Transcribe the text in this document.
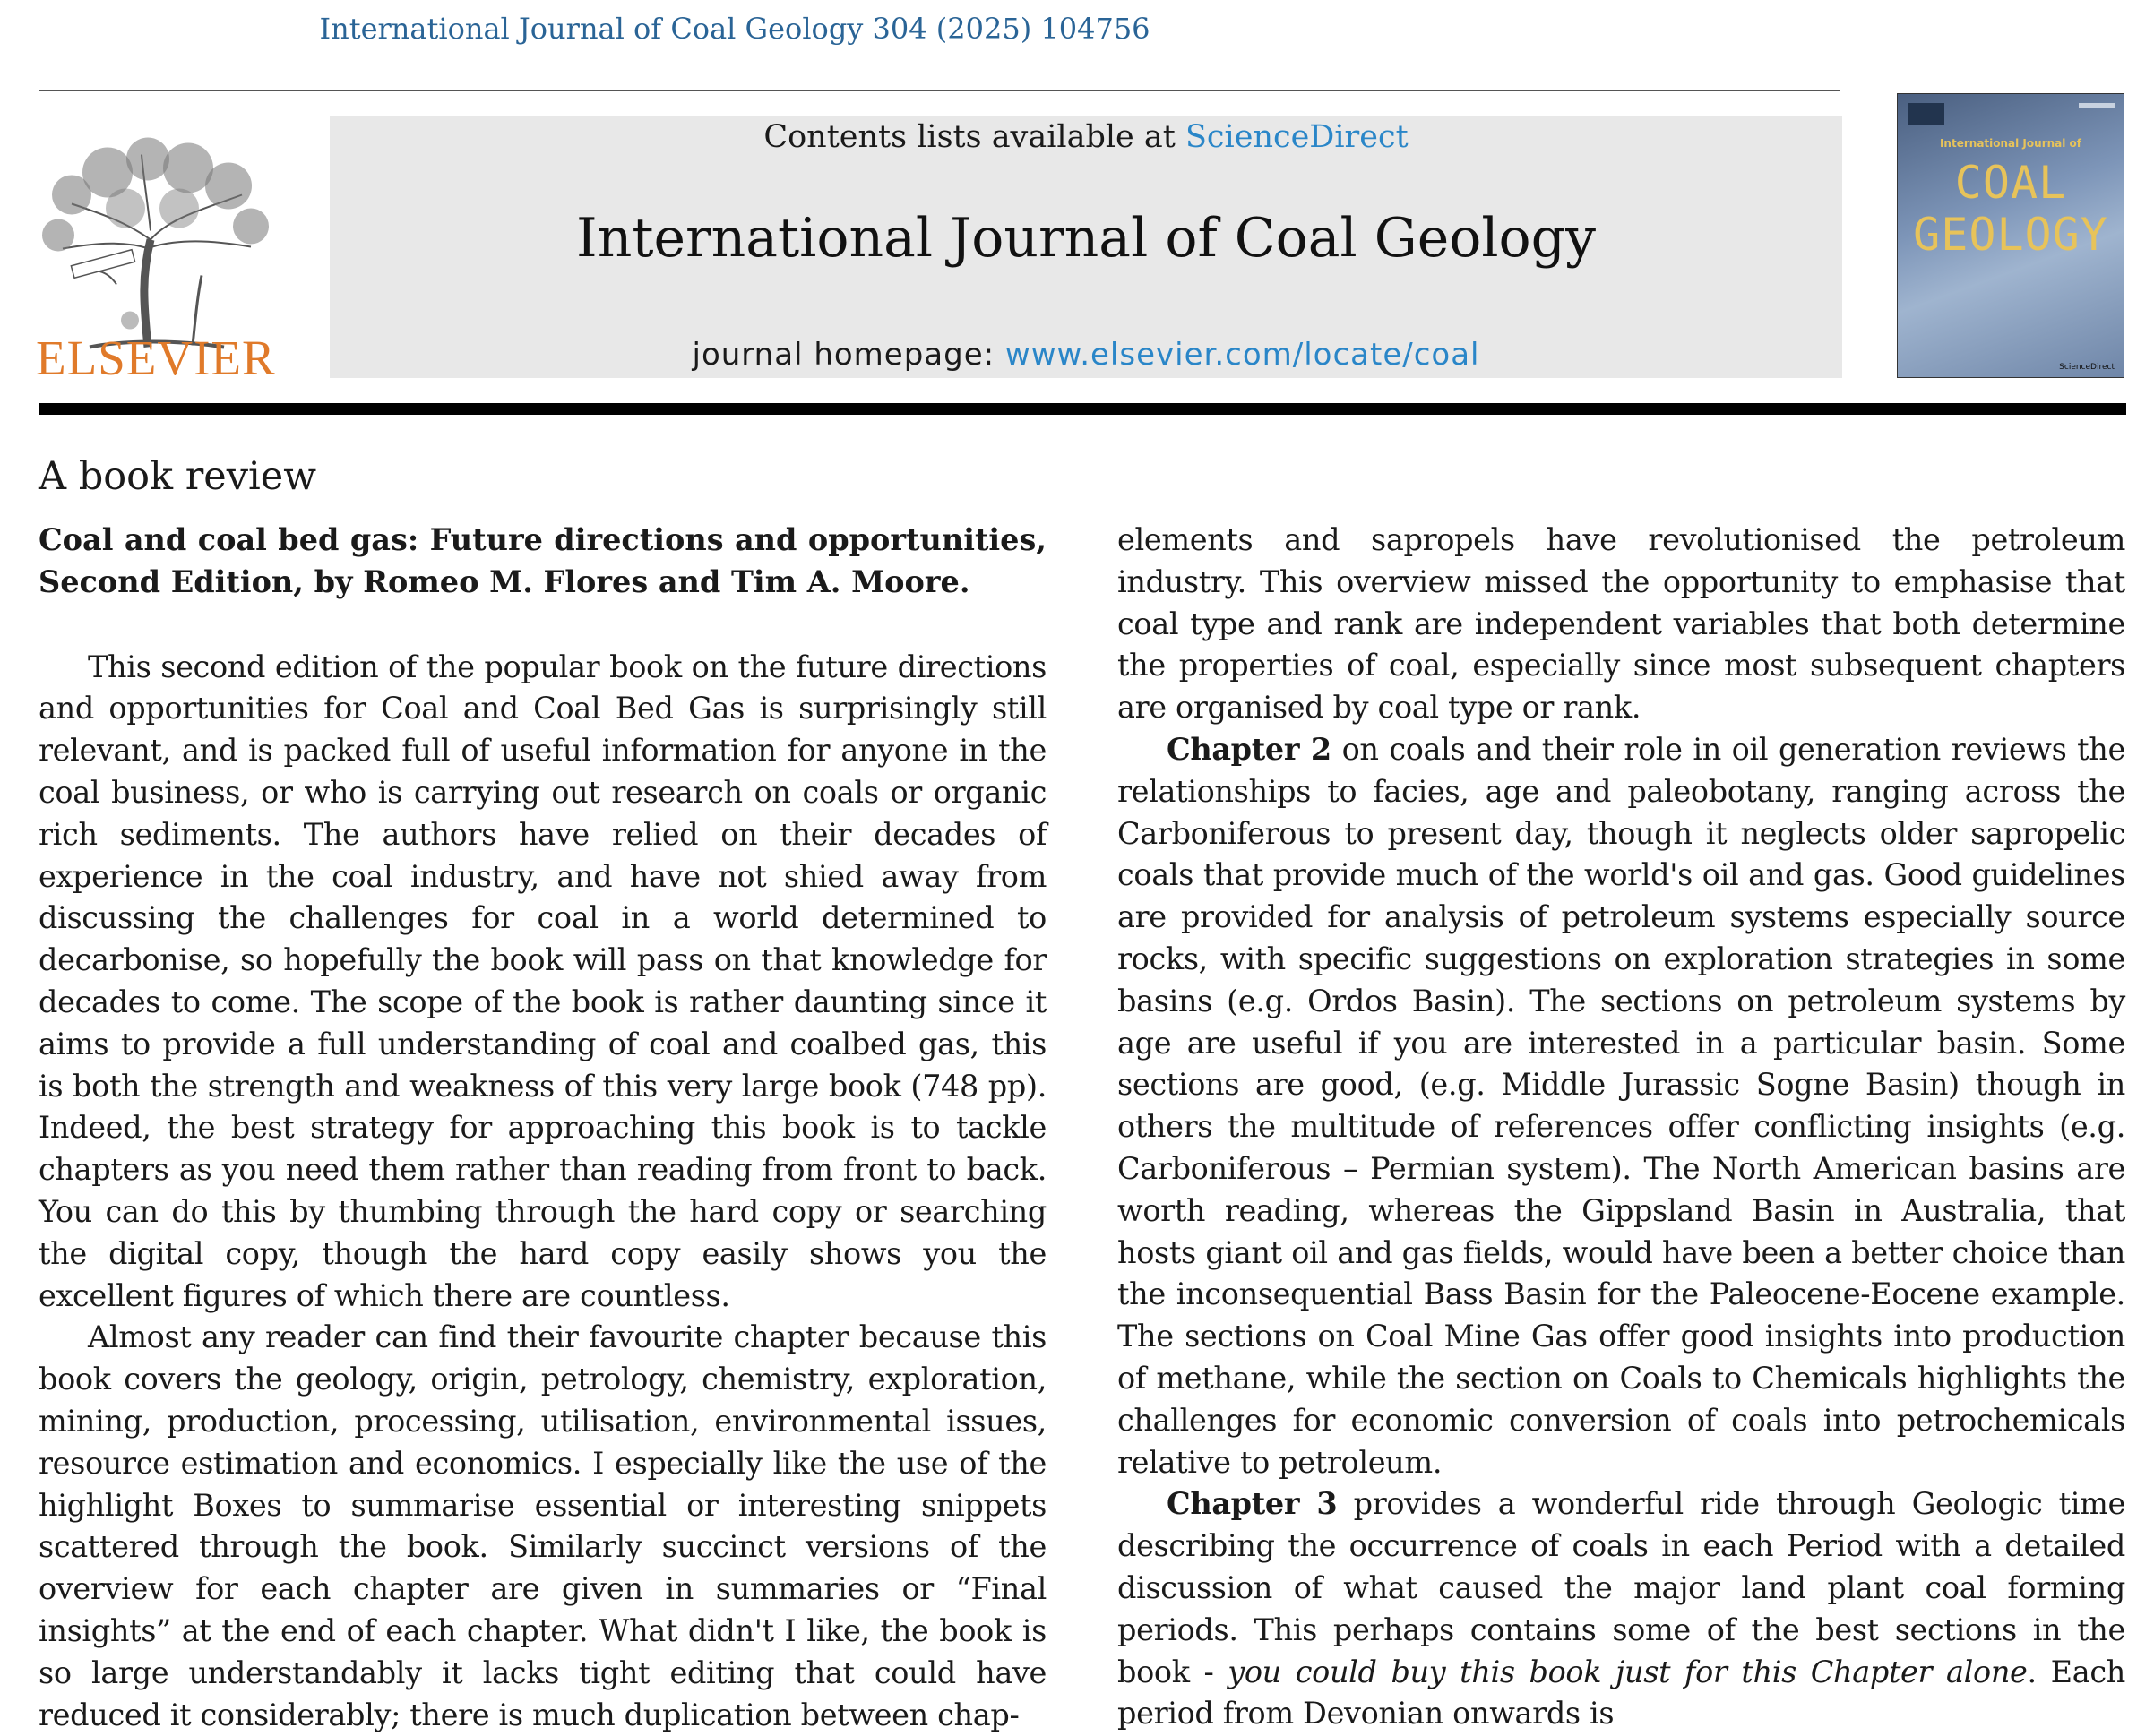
International Journal of Coal Geology 304 (2025) 104756
ELSEVIER
Contents lists available at ScienceDirect
International Journal of Coal Geology
journal homepage: www.elsevier.com/locate/coal
International Journal of
COAL
GEOLOGY
ScienceDirect
A book review

Coal and coal bed gas: Future directions and opportunities, Second Edition, by Romeo M. Flores and Tim A. Moore.

This second edition of the popular book on the future directions and opportunities for Coal and Coal Bed Gas is surprisingly still relevant, and is packed full of useful information for anyone in the coal business, or who is carrying out research on coals or organic rich sediments. The authors have relied on their decades of experience in the coal industry, and have not shied away from discussing the challenges for coal in a world determined to decarbonise, so hopefully the book will pass on that knowledge for decades to come. The scope of the book is rather daunting since it aims to provide a full understanding of coal and coalbed gas, this is both the strength and weakness of this very large book (748 pp). Indeed, the best strategy for approaching this book is to tackle chapters as you need them rather than reading from front to back. You can do this by thumbing through the hard copy or searching the digital copy, though the hard copy easily shows you the excellent figures of which there are countless.

Almost any reader can find their favourite chapter because this book covers the geology, origin, petrology, chemistry, exploration, mining, production, processing, utilisation, environmental issues, resource estimation and economics. I especially like the use of the highlight Boxes to summarise essential or interesting snippets scattered through the book. Similarly succinct versions of the overview for each chapter are given in summaries or “Final insights” at the end of each chapter. What didn't I like, the book is so large understandably it lacks tight editing that could have reduced it considerably; there is much duplication between chap-

elements and sapropels have revolutionised the petroleum industry. This overview missed the opportunity to emphasise that coal type and rank are independent variables that both determine the properties of coal, especially since most subsequent chapters are organised by coal type or rank.

Chapter 2 on coals and their role in oil generation reviews the relationships to facies, age and paleobotany, ranging across the Carboniferous to present day, though it neglects older sapropelic coals that provide much of the world's oil and gas. Good guidelines are provided for analysis of petroleum systems especially source rocks, with specific suggestions on exploration strategies in some basins (e.g. Ordos Basin). The sections on petroleum systems by age are useful if you are interested in a particular basin. Some sections are good, (e.g. Middle Jurassic Sogne Basin) though in others the multitude of references offer conflicting insights (e.g. Carboniferous – Permian system). The North American basins are worth reading, whereas the Gippsland Basin in Australia, that hosts giant oil and gas fields, would have been a better choice than the inconsequential Bass Basin for the Paleocene-Eocene example. The sections on Coal Mine Gas offer good insights into production of methane, while the section on Coals to Chemicals highlights the challenges for economic conversion of coals into petrochemicals relative to petroleum.

Chapter 3 provides a wonderful ride through Geologic time describing the occurrence of coals in each Period with a detailed discussion of what caused the major land plant coal forming periods. This perhaps contains some of the best sections in the book - you could buy this book just for this Chapter alone. Each period from Devonian onwards is
